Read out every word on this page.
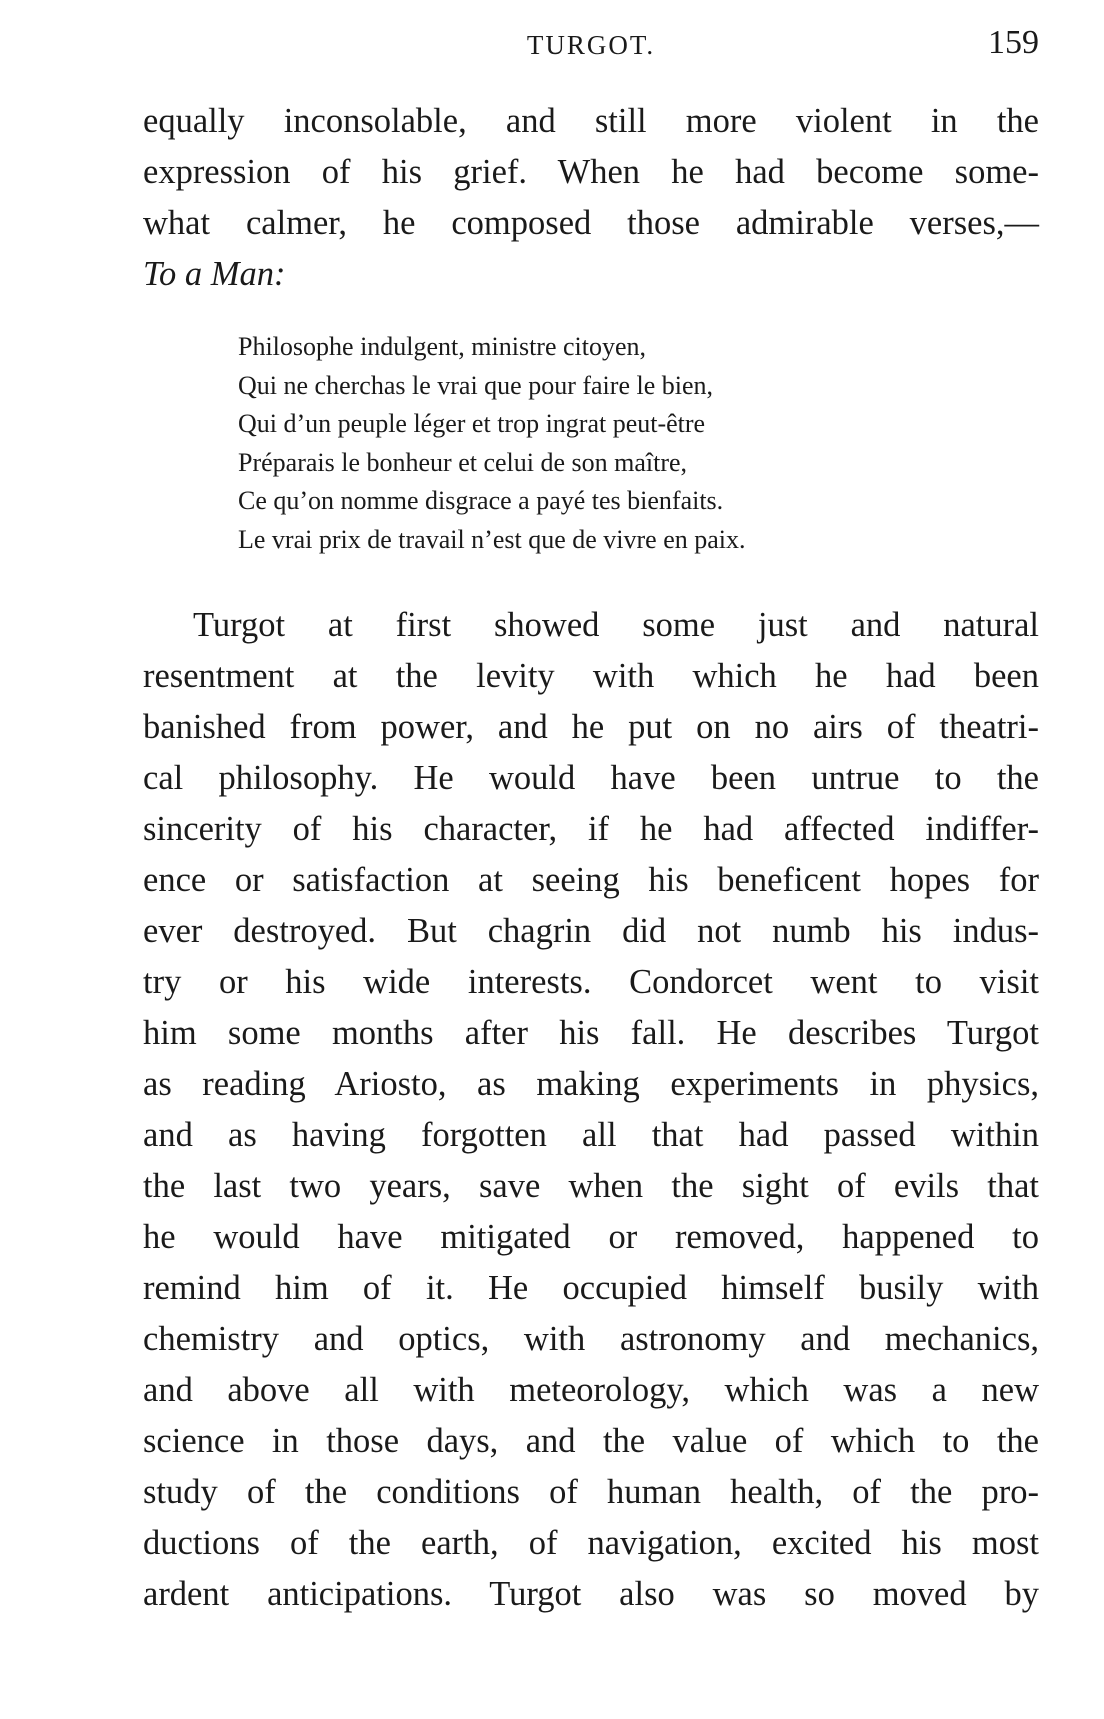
TURGOT.	159
equally inconsolable, and still more violent in the
expression of his grief. When he had become some-
what calmer, he composed those admirable verses,—
To a Man:
Philosophe indulgent, ministre citoyen,
Qui ne cherchas le vrai que pour faire le bien,
Qui d’un peuple léger et trop ingrat peut-être
Préparais le bonheur et celui de son maître,
Ce qu’on nomme disgrace a payé tes bienfaits.
Le vrai prix de travail n’est que de vivre en paix.
Turgot at first showed some just and natural
resentment at the levity with which he had been
banished from power, and he put on no airs of theatri-
cal philosophy. He would have been untrue to the
sincerity of his character, if he had affected indiffer-
ence or satisfaction at seeing his beneficent hopes for
ever destroyed. But chagrin did not numb his indus-
try or his wide interests. Condorcet went to visit
him some months after his fall. He describes Turgot
as reading Ariosto, as making experiments in physics,
and as having forgotten all that had passed within
the last two years, save when the sight of evils that
he would have mitigated or removed, happened to
remind him of it. He occupied himself busily with
chemistry and optics, with astronomy and mechanics,
and above all with meteorology, which was a new
science in those days, and the value of which to the
study of the conditions of human health, of the pro-
ductions of the earth, of navigation, excited his most
ardent anticipations. Turgot also was so moved by
